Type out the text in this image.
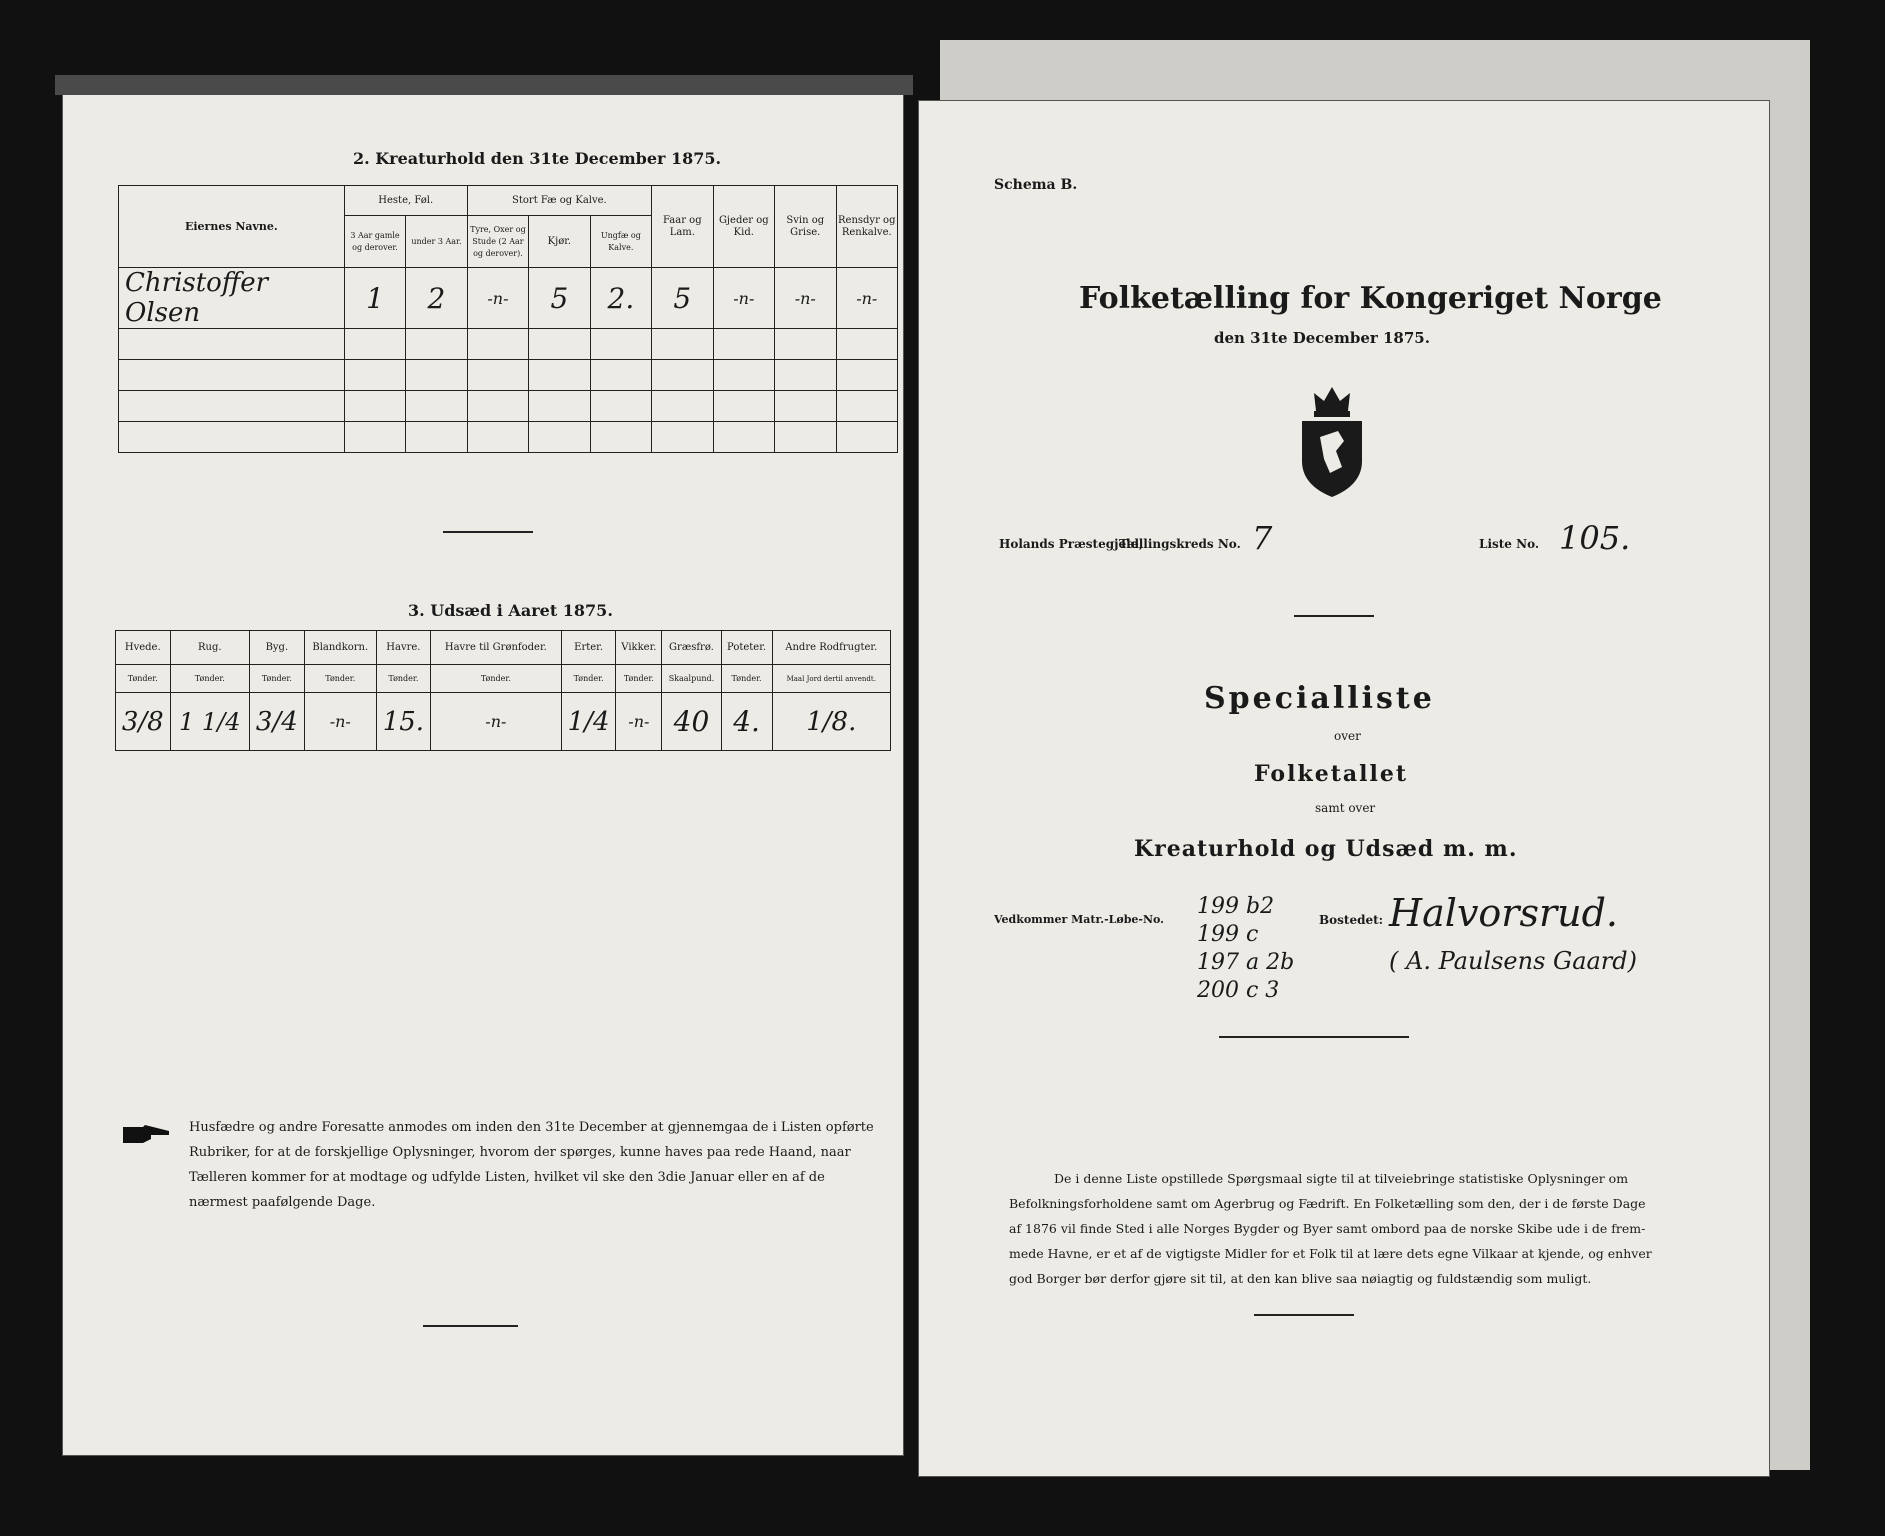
2. Kreaturhold den 31te December 1875.
Eiernes Navne.	Heste, Føl.		Stort Fæ og Kalve.			Faar og Lam.	Gjeder og Kid.	Svin og Grise.	Rensdyr og Renkalve.
	3 Aar gamle og derover.	under 3 Aar.	Tyre, Oxer og Stude (2 Aar og derover).	Kjør.	Ungfæ og Kalve.				
Christoffer Olsen	1	2	-n-	5	2.	5	-n-	-n-	-n-

3. Udsæd i Aaret 1875.
Hvede.	Rug.	Byg.	Blandkorn.	Havre.	Havre til Grønfoder.	Erter.	Vikker.	Græsfrø.	Poteter.	Andre Rodfrugter.
Tønder.	Tønder.	Tønder.	Tønder.	Tønder.	Tønder.	Tønder.	Tønder.	Skaalpund.	Tønder.	Maal Jord dertil anvendt.
3/8	1 1/4	3/4	-n-	15.	-n-	1/4	-n-	40	4.	1/8.
Husfædre og andre Foresatte anmodes om inden den 31te December at gjennemgaa de i Listen opførte
Rubriker, for at de forskjellige Oplysninger, hvorom der spørges, kunne haves paa rede Haand, naar
Tælleren kommer for at modtage og udfylde Listen, hvilket vil ske den 3die Januar eller en af de
nærmest paafølgende Dage.
Schema B.
Folketælling for Kongeriget Norge
den 31te December 1875.
Holands Præstegjeld,
Tællingskreds No. 7	Liste No. 105.
Specialliste
over
Folketallet
samt over
Kreaturhold og Udsæd m. m.
Vedkommer Matr.-Løbe-No.
199 b2
199 c
197 a 2b
200 c 3
Bostedet: Halvorsrud.
( A. Paulsens Gaard)
De i denne Liste opstillede Spørgsmaal sigte til at tilveiebringe statistiske Oplysninger om
Befolkningsforholdene samt om Agerbrug og Fædrift. En Folketælling som den, der i de første Dage
af 1876 vil finde Sted i alle Norges Bygder og Byer samt ombord paa de norske Skibe ude i de frem-
mede Havne, er et af de vigtigste Midler for et Folk til at lære dets egne Vilkaar at kjende, og enhver
god Borger bør derfor gjøre sit til, at den kan blive saa nøiagtig og fuldstændig som muligt.
